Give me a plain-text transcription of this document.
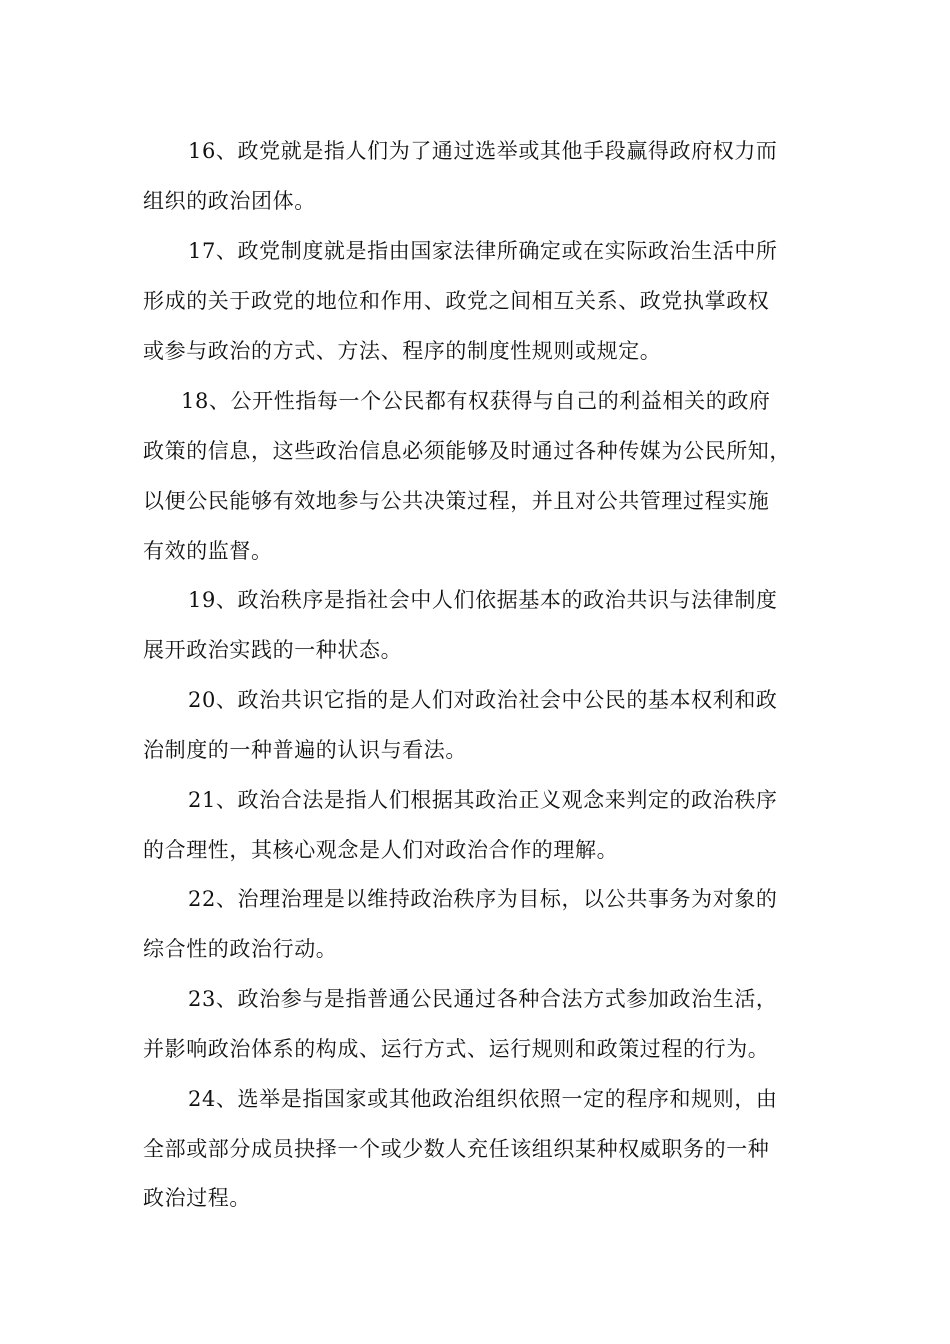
16、政党就是指人们为了通过选举或其他手段赢得政府权力而
组织的政治团体。
17、政党制度就是指由国家法律所确定或在实际政治生活中所
形成的关于政党的地位和作用、政党之间相互关系、政党执掌政权
或参与政治的方式、方法、程序的制度性规则或规定。
18、公开性指每一个公民都有权获得与自己的利益相关的政府
政策的信息，这些政治信息必须能够及时通过各种传媒为公民所知，
以便公民能够有效地参与公共决策过程，并且对公共管理过程实施
有效的监督。
19、政治秩序是指社会中人们依据基本的政治共识与法律制度
展开政治实践的一种状态。
20、政治共识它指的是人们对政治社会中公民的基本权利和政
治制度的一种普遍的认识与看法。
21、政治合法是指人们根据其政治正义观念来判定的政治秩序
的合理性，其核心观念是人们对政治合作的理解。
22、治理治理是以维持政治秩序为目标，以公共事务为对象的
综合性的政治行动。
23、政治参与是指普通公民通过各种合法方式参加政治生活，
并影响政治体系的构成、运行方式、运行规则和政策过程的行为。
24、选举是指国家或其他政治组织依照一定的程序和规则，由
全部或部分成员抉择一个或少数人充任该组织某种权威职务的一种
政治过程。
